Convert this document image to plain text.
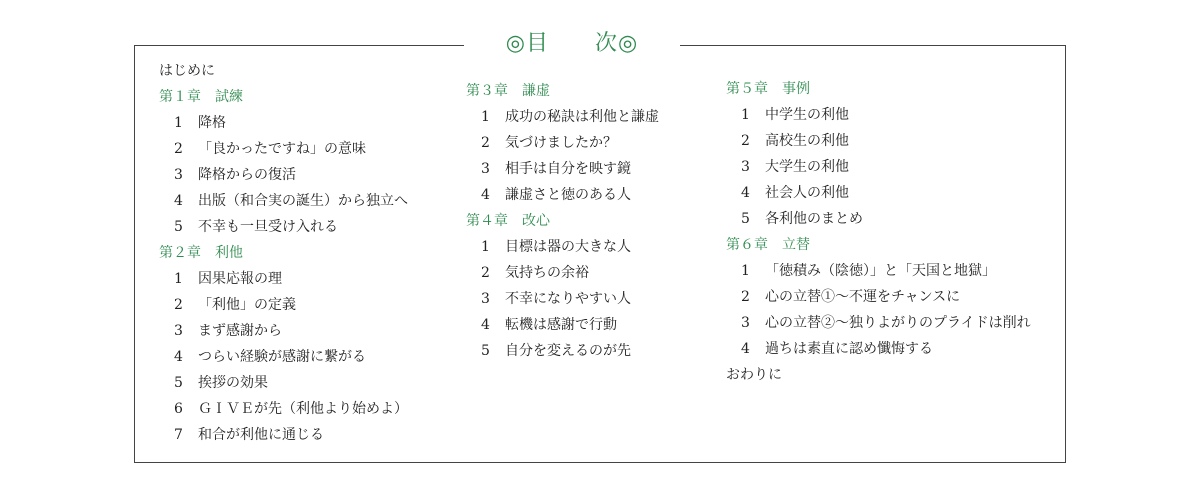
◎目　　次◎
はじめに
第１章　試練
1 降格
2 「良かったですね」の意味
3 降格からの復活
4 出版（和合実の誕生）から独立へ
5 不幸も一旦受け入れる
第２章　利他
1 因果応報の理
2 「利他」の定義
3 まず感謝から
4 つらい経験が感謝に繋がる
5 挨拶の効果
6 ＧＩＶＥが先（利他より始めよ）
7 和合が利他に通じる
第３章　謙虚
1 成功の秘訣は利他と謙虚
2 気づけましたか？
3 相手は自分を映す鏡
4 謙虚さと徳のある人
第４章　改心
1 目標は器の大きな人
2 気持ちの余裕
3 不幸になりやすい人
4 転機は感謝で行動
5 自分を変えるのが先
第５章　事例
1 中学生の利他
2 高校生の利他
3 大学生の利他
4 社会人の利他
5 各利他のまとめ
第６章　立替
1 「徳積み（陰徳）」と「天国と地獄」
2 心の立替①～不運をチャンスに
3 心の立替②～独りよがりのプライドは削れ
4 過ちは素直に認め懺悔する
おわりに
